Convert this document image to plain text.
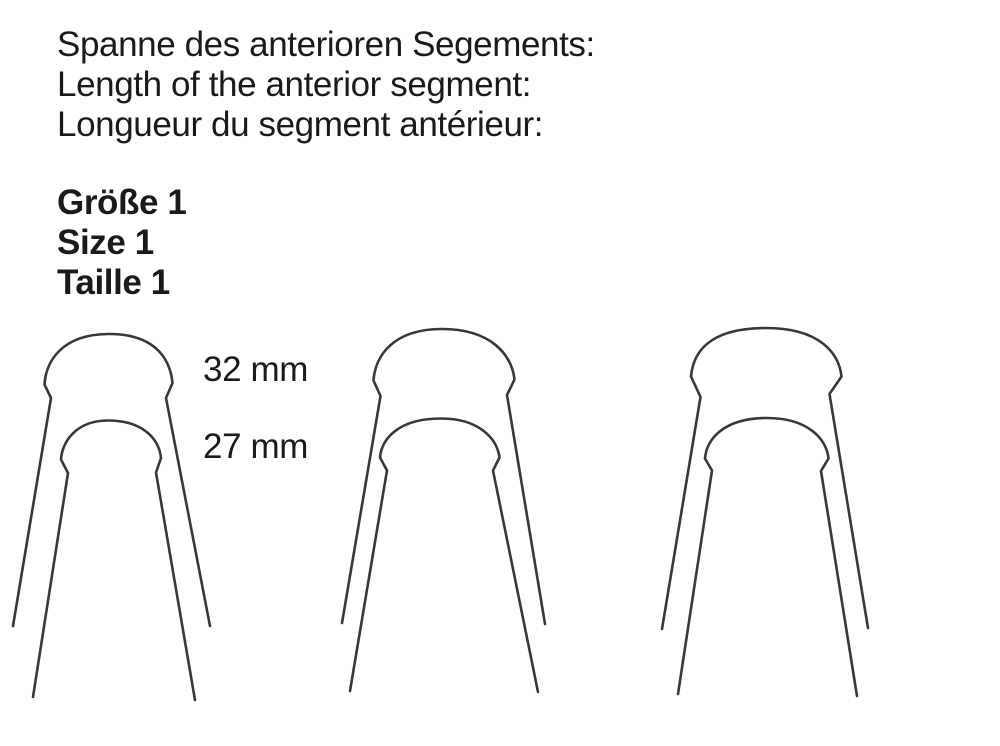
Spanne des anterioren Segements:
Length of the anterior segment:
Longueur du segment antérieur:
Größe 1
Size 1
Taille 1
32 mm
27 mm
